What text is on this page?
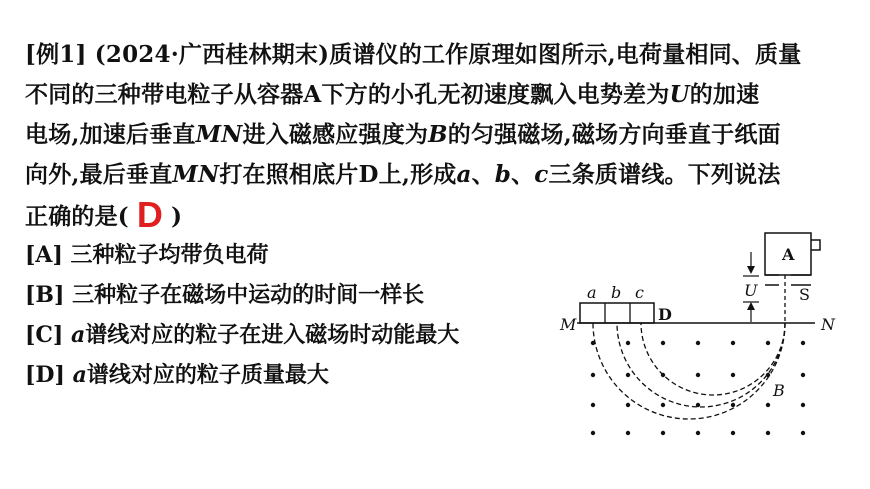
[例1] (2024·广西桂林期末)质谱仪的工作原理如图所示,电荷量相同、质量
不同的三种带电粒子从容器A下方的小孔无初速度飘入电势差为U的加速
电场,加速后垂直MN进入磁感应强度为B的匀强磁场,磁场方向垂直于纸面
向外,最后垂直MN打在照相底片D上,形成a、b、c三条质谱线。下列说法
正确的是( D )
[A] 三种粒子均带负电荷
[B] 三种粒子在磁场中运动的时间一样长
[C] a谱线对应的粒子在进入磁场时动能最大
[D] a谱线对应的粒子质量最大
A
S
U
M	N
D
a b c
B
